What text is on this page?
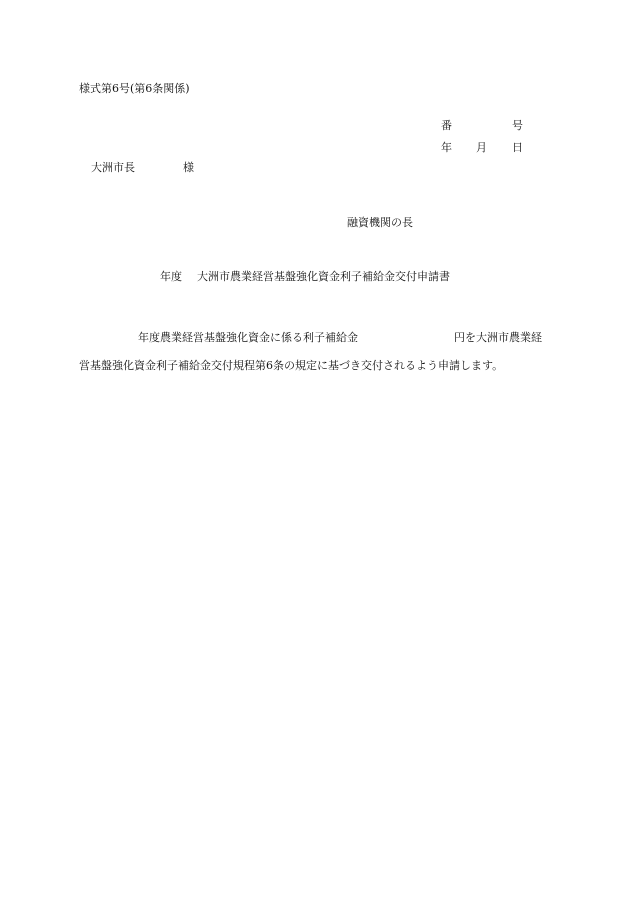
様式第6号(第6条関係)
番	号
年 月 日
大洲市長	様
融資機関の長
年度 大洲市農業経営基盤強化資金利子補給金交付申請書
年度農業経営基盤強化資金に係る利子補給金	円を大洲市農業経
営基盤強化資金利子補給金交付規程第6条の規定に基づき交付されるよう申請します。
